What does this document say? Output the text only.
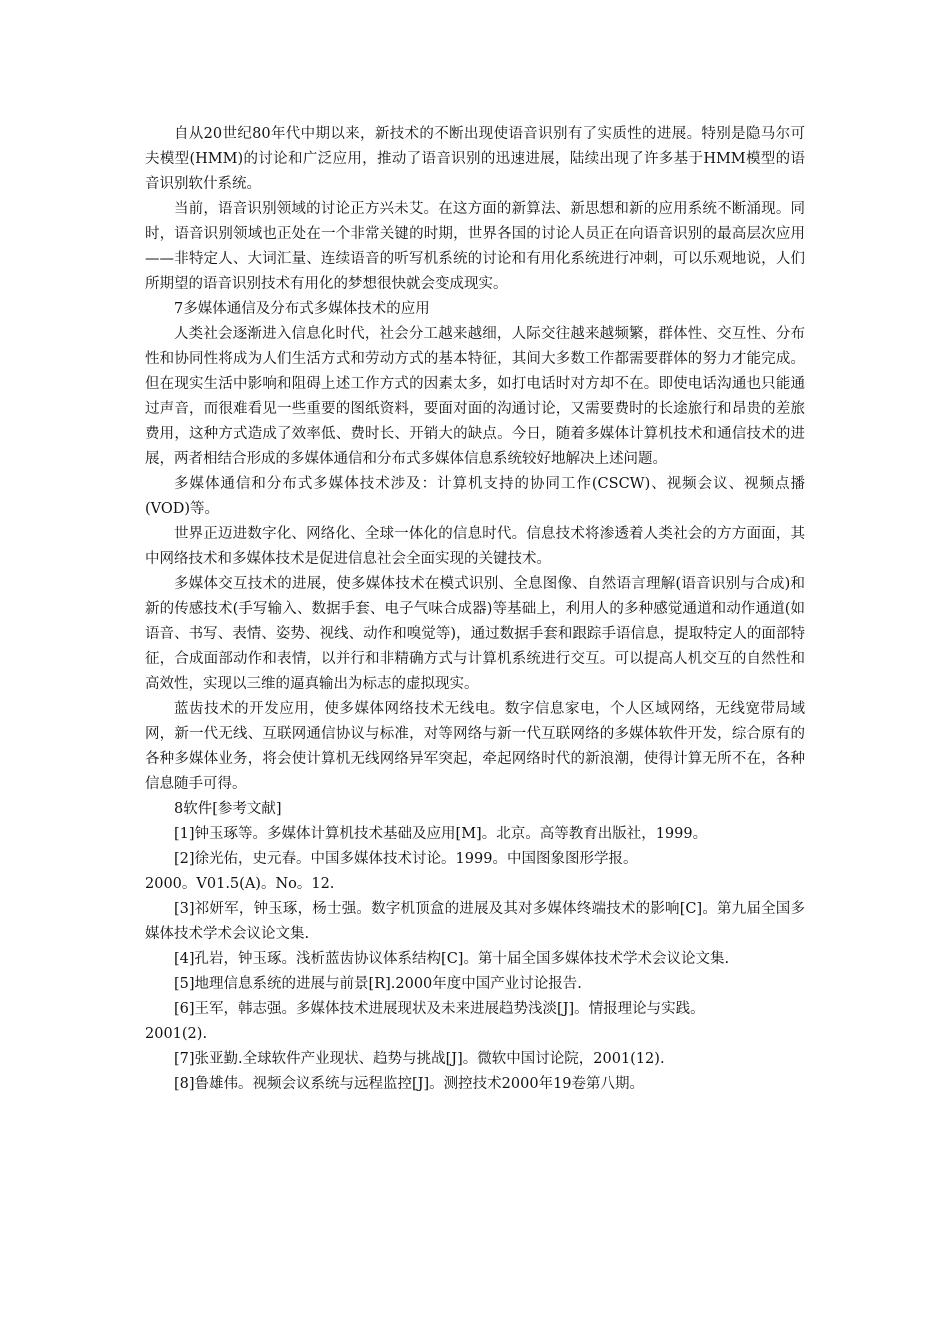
自从20世纪80年代中期以来，新技术的不断出现使语音识别有了实质性的进展。特别是隐马尔可夫模型(HMM)的讨论和广泛应用，推动了语音识别的迅速进展，陆续出现了许多基于HMM模型的语音识别软什系统。

当前，语音识别领域的讨论正方兴未艾。在这方面的新算法、新思想和新的应用系统不断涌现。同时，语音识别领域也正处在一个非常关键的时期，世界各国的讨论人员正在向语音识别的最高层次应用——非特定人、大词汇量、连续语音的听写机系统的讨论和有用化系统进行冲刺，可以乐观地说，人们所期望的语音识别技术有用化的梦想很快就会变成现实。

7多媒体通信及分布式多媒体技术的应用

人类社会逐渐进入信息化时代，社会分工越来越细，人际交往越来越频繁，群体性、交互性、分布性和协同性将成为人们生活方式和劳动方式的基本特征，其间大多数工作都需要群体的努力才能完成。但在现实生活中影响和阻碍上述工作方式的因素太多，如打电话时对方却不在。即使电话沟通也只能通过声音，而很难看见一些重要的图纸资料，要面对面的沟通讨论，又需要费时的长途旅行和昂贵的差旅费用，这种方式造成了效率低、费时长、开销大的缺点。今日，随着多媒体计算机技术和通信技术的进展，两者相结合形成的多媒体通信和分布式多媒体信息系统较好地解决上述问题。

多媒体通信和分布式多媒体技术涉及：计算机支持的协同工作(CSCW)、视频会议、视频点播(VOD)等。

世界正迈进数字化、网络化、全球一体化的信息时代。信息技术将渗透着人类社会的方方面面，其中网络技术和多媒体技术是促进信息社会全面实现的关键技术。

多媒体交互技术的进展，使多媒体技术在模式识别、全息图像、自然语言理解(语音识别与合成)和新的传感技术(手写输入、数据手套、电子气味合成器)等基础上，利用人的多种感觉通道和动作通道(如语音、书写、表情、姿势、视线、动作和嗅觉等)，通过数据手套和跟踪手语信息，提取特定人的面部特征，合成面部动作和表情，以并行和非精确方式与计算机系统进行交互。可以提高人机交互的自然性和高效性，实现以三维的逼真输出为标志的虚拟现实。

蓝齿技术的开发应用，使多媒体网络技术无线电。数字信息家电，个人区域网络，无线宽带局域网，新一代无线、互联网通信协议与标准，对等网络与新一代互联网络的多媒体软件开发，综合原有的各种多媒体业务，将会使计算机无线网络异军突起，牵起网络时代的新浪潮，使得计算无所不在，各种信息随手可得。

8软件[参考文献]

[1]钟玉琢等。多媒体计算机技术基础及应用[M]。北京。高等教育出版社，1999。

[2]徐光佑，史元春。中国多媒体技术讨论。1999。中国图象图形学报。

2000。V01.5(A)。No。12.

[3]祁妍军，钟玉琢，杨士强。数字机顶盒的进展及其对多媒体终端技术的影响[C]。第九届全国多媒体技术学术会议论文集.

[4]孔岩，钟玉琢。浅析蓝齿协议体系结构[C]。第十届全国多媒体技术学术会议论文集.

[5]地理信息系统的进展与前景[R].2000年度中国产业讨论报告.

[6]王军，韩志强。多媒体技术进展现状及未来进展趋势浅淡[J]。情报理论与实践。

2001(2).

[7]张亚勤.全球软件产业现状、趋势与挑战[J]。微软中国讨论院，2001(12).

[8]鲁雄伟。视频会议系统与远程监控[J]。测控技术2000年19卷第八期。
